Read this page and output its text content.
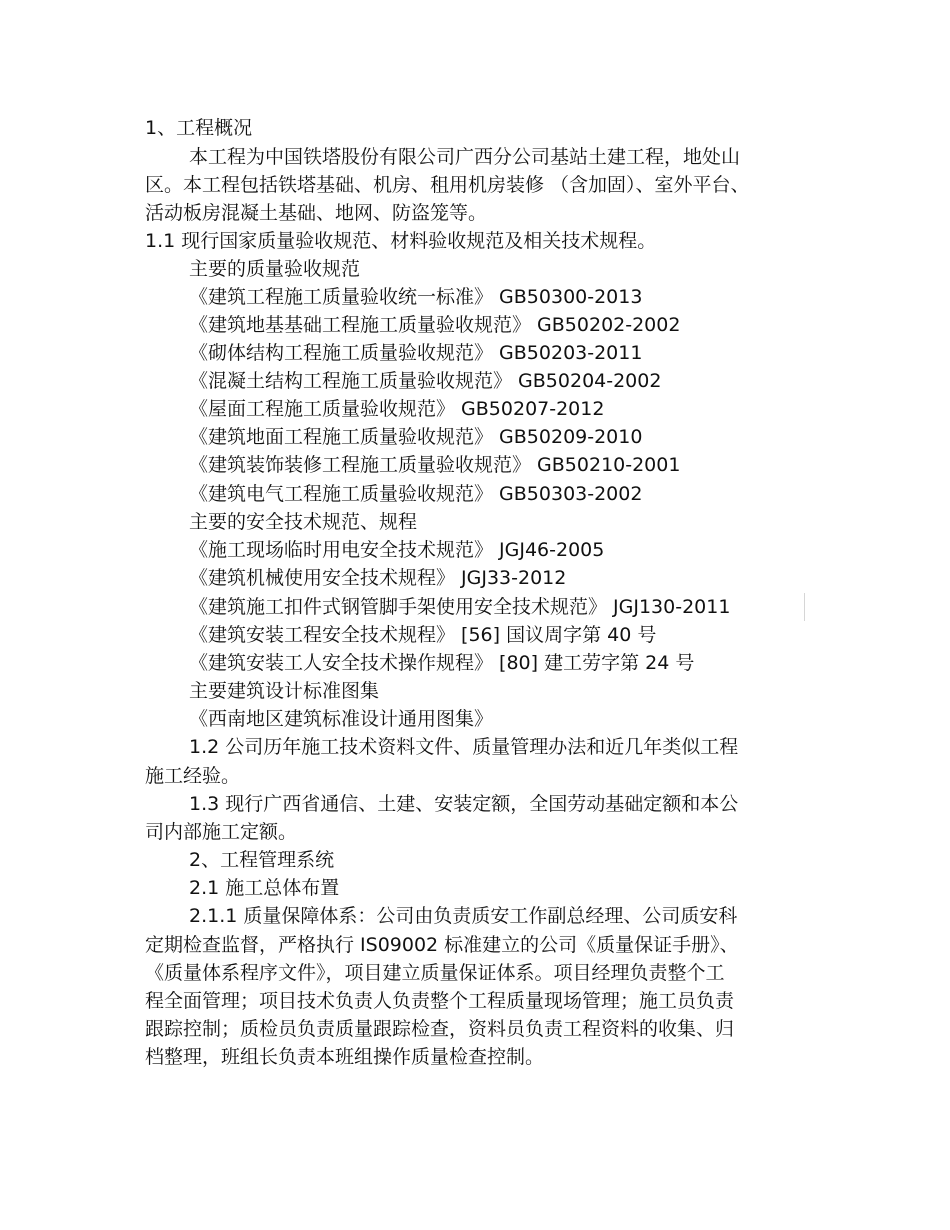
1、工程概况
本工程为中国铁塔股份有限公司广西分公司基站土建工程，地处山
区。本工程包括铁塔基础、机房、租用机房装修 （含加固）、室外平台、
活动板房混凝土基础、地网、防盗笼等。
1.1 现行国家质量验收规范、材料验收规范及相关技术规程。
主要的质量验收规范
《建筑工程施工质量验收统一标准》 GB50300-2013
《建筑地基基础工程施工质量验收规范》 GB50202-2002
《砌体结构工程施工质量验收规范》 GB50203-2011
《混凝土结构工程施工质量验收规范》 GB50204-2002
《屋面工程施工质量验收规范》 GB50207-2012
《建筑地面工程施工质量验收规范》 GB50209-2010
《建筑装饰装修工程施工质量验收规范》 GB50210-2001
《建筑电气工程施工质量验收规范》 GB50303-2002
主要的安全技术规范、规程
《施工现场临时用电安全技术规范》 JGJ46-2005
《建筑机械使用安全技术规程》 JGJ33-2012
《建筑施工扣件式钢管脚手架使用安全技术规范》 JGJ130-2011
《建筑安装工程安全技术规程》 [56] 国议周字第 40 号
《建筑安装工人安全技术操作规程》 [80] 建工劳字第 24 号
主要建筑设计标准图集
《西南地区建筑标准设计通用图集》
1.2 公司历年施工技术资料文件、质量管理办法和近几年类似工程
施工经验。
1.3 现行广西省通信、土建、安装定额，全国劳动基础定额和本公
司内部施工定额。
2、工程管理系统
2.1 施工总体布置
2.1.1 质量保障体系：公司由负责质安工作副总经理、公司质安科
定期检查监督，严格执行 IS09002 标准建立的公司《质量保证手册》、
《质量体系程序文件》，项目建立质量保证体系。项目经理负责整个工
程全面管理；项目技术负责人负责整个工程质量现场管理；施工员负责
跟踪控制；质检员负责质量跟踪检查，资料员负责工程资料的收集、归
档整理，班组长负责本班组操作质量检查控制。
